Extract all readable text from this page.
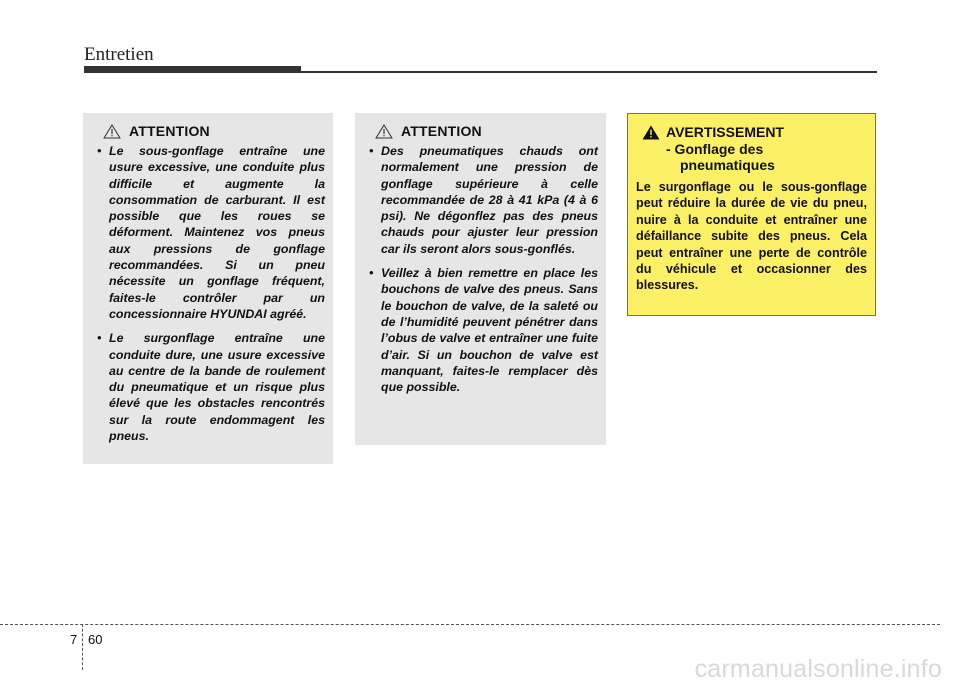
Entretien
ATTENTION
• Le sous-gonflage entraîne une usure excessive, une conduite plus difficile et augmente la consommation de carburant. Il est possible que les roues se déforment. Maintenez vos pneus aux pressions de gonflage recommandées. Si un pneu nécessite un gonflage fréquent, faites-le contrôler par un concessionnaire HYUNDAI agréé.
• Le surgonflage entraîne une conduite dure, une usure excessive au centre de la bande de roulement du pneumatique et un risque plus élevé que les obstacles rencontrés sur la route endommagent les pneus.
ATTENTION
• Des pneumatiques chauds ont normalement une pression de gonflage supérieure à celle recommandée de 28 à 41 kPa (4 à 6 psi). Ne dégonflez pas des pneus chauds pour ajuster leur pression car ils seront alors sous-gonflés.
• Veillez à bien remettre en place les bouchons de valve des pneus. Sans le bouchon de valve, de la saleté ou de l’humidité peuvent pénétrer dans l’obus de valve et entraîner une fuite d’air. Si un bouchon de valve est manquant, faites-le remplacer dès que possible.
AVERTISSEMENT
- Gonflage des
pneumatiques
Le surgonflage ou le sous-gonflage peut réduire la durée de vie du pneu, nuire à la conduite et entraîner une défaillance subite des pneus. Cela peut entraîner une perte de contrôle du véhicule et occasionner des blessures.
7 60
carmanualsonline.info
